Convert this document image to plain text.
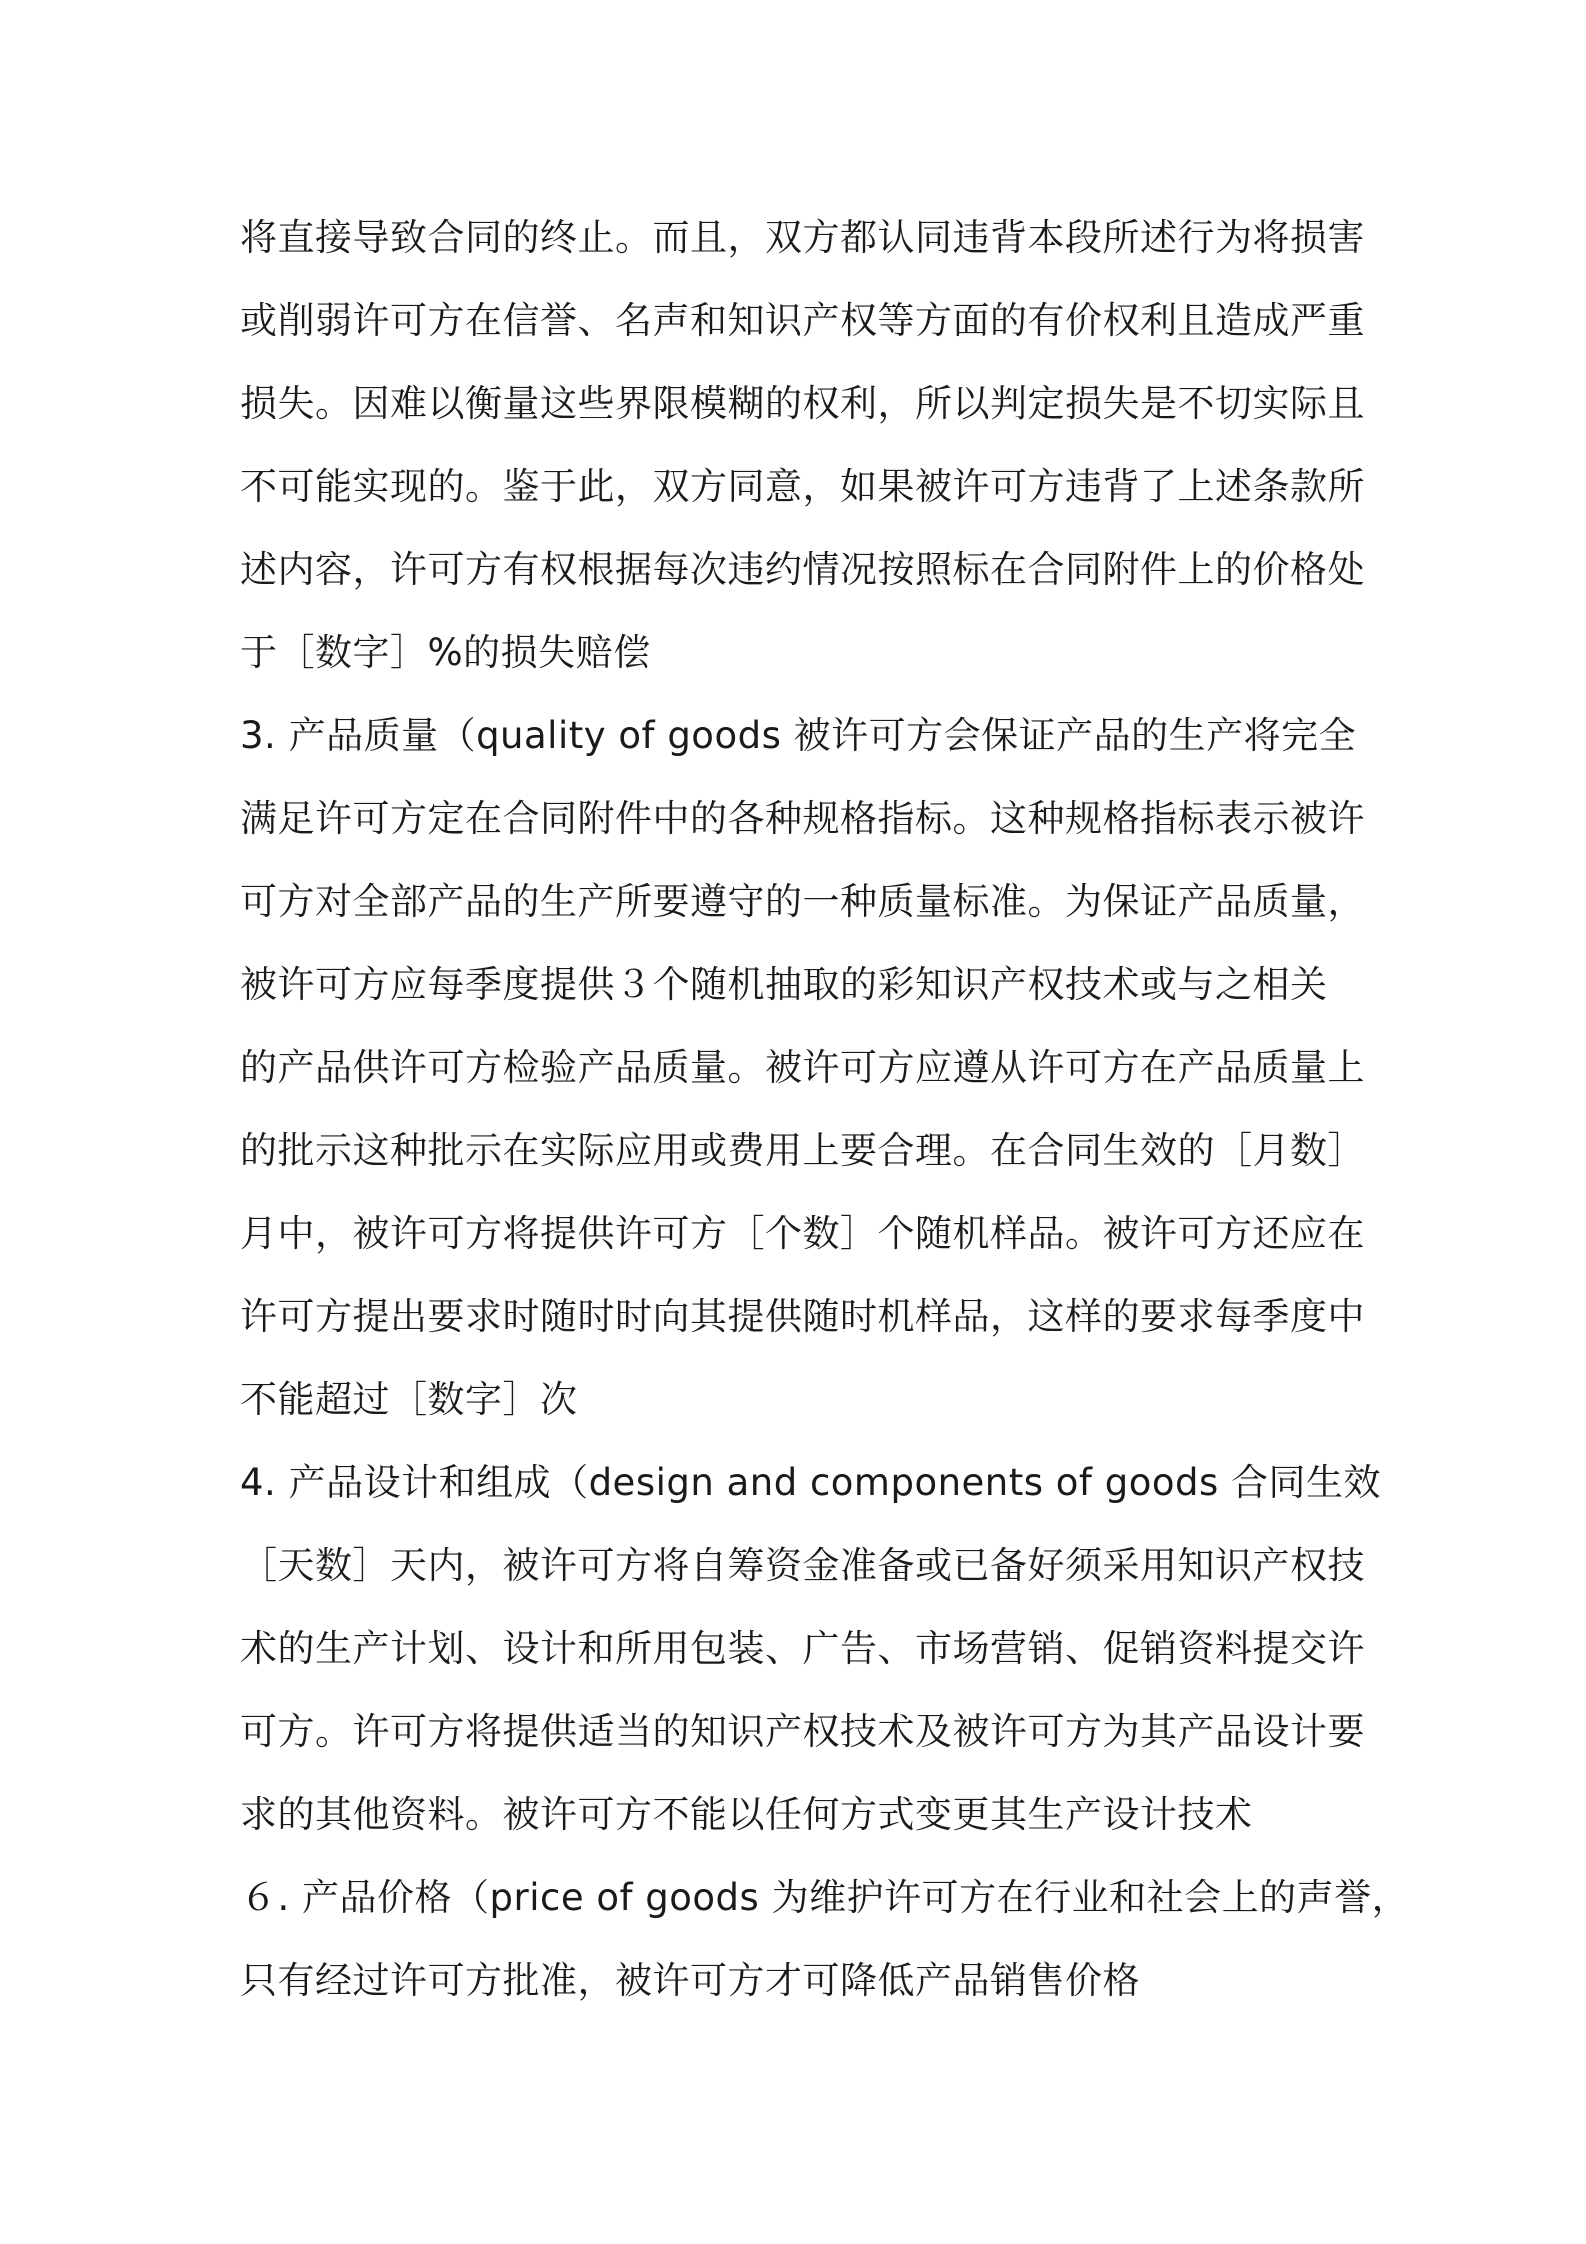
将直接导致合同的终止。而且，双方都认同违背本段所述行为将损害
或削弱许可方在信誉、名声和知识产权等方面的有价权利且造成严重
损失。因难以衡量这些界限模糊的权利，所以判定损失是不切实际且
不可能实现的。鉴于此，双方同意，如果被许可方违背了上述条款所
述内容，许可方有权根据每次违约情况按照标在合同附件上的价格处
于［数字］%的损失赔偿
3. 产品质量（quality of goods 被许可方会保证产品的生产将完全
满足许可方定在合同附件中的各种规格指标。这种规格指标表示被许
可方对全部产品的生产所要遵守的一种质量标准。为保证产品质量，
被许可方应每季度提供３个随机抽取的彩知识产权技术或与之相关
的产品供许可方检验产品质量。被许可方应遵从许可方在产品质量上
的批示这种批示在实际应用或费用上要合理。在合同生效的［月数］
月中，被许可方将提供许可方［个数］个随机样品。被许可方还应在
许可方提出要求时随时时向其提供随时机样品，这样的要求每季度中
不能超过［数字］次
4. 产品设计和组成（design and components of goods 合同生效
［天数］天内，被许可方将自筹资金准备或已备好须采用知识产权技
术的生产计划、设计和所用包装、广告、市场营销、促销资料提交许
可方。许可方将提供适当的知识产权技术及被许可方为其产品设计要
求的其他资料。被许可方不能以任何方式变更其生产设计技术
６. 产品价格（price of goods 为维护许可方在行业和社会上的声誉，
只有经过许可方批准，被许可方才可降低产品销售价格
